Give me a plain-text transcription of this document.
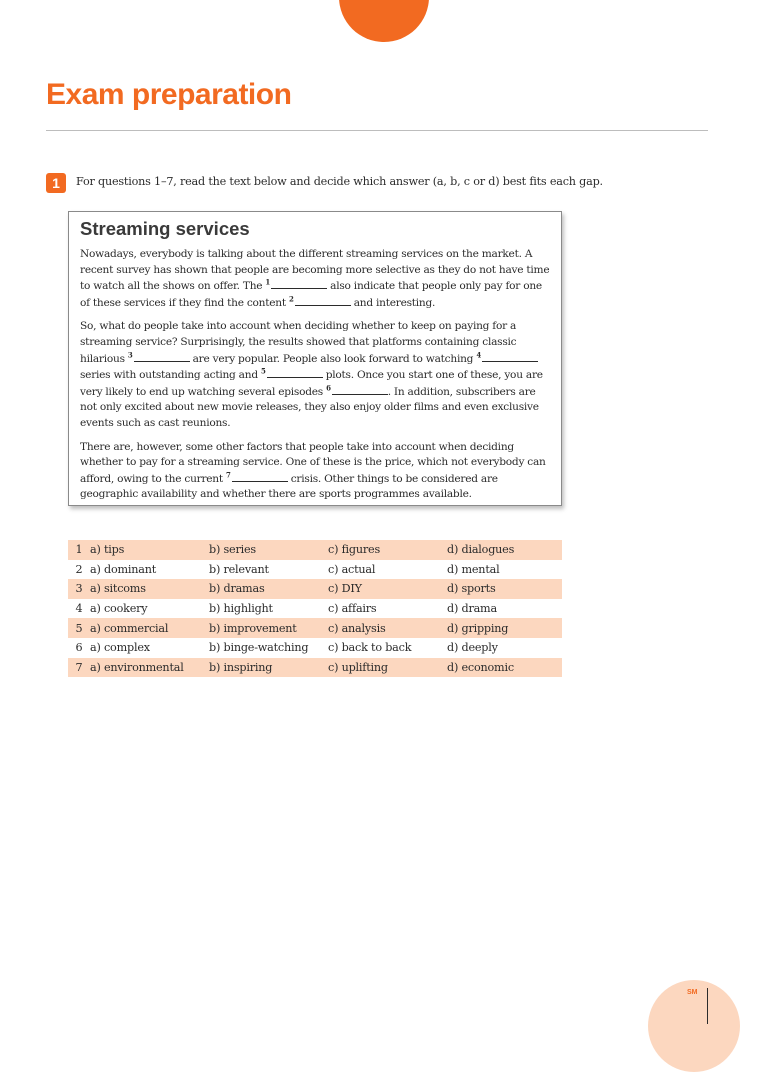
Exam preparation
1	For questions 1–7, read the text below and decide which answer (a, b, c or d) best fits each gap.
Streaming services

Nowadays, everybody is talking about the different streaming services on the market. A recent survey has shown that people are becoming more selective as they do not have time to watch all the shows on offer. The $^1$	also indicate that people only pay for one of these services if they find the content $^2$	and interesting.

So, what do people take into account when deciding whether to keep on paying for a streaming service? Surprisingly, the results showed that platforms containing classic hilarious $^3$	are very popular. People also look forward to watching $^4$ series with outstanding acting and $^5$	plots. Once you start one of these, you are very likely to end up watching several episodes $^6$	. In addition, subscribers are not only excited about new movie releases, they also enjoy older films and even exclusive events such as cast reunions.

There are, however, some other factors that people take into account when deciding whether to pay for a streaming service. One of these is the price, which not everybody can afford, owing to the current $^7$	crisis. Other things to be considered are geographic availability and whether there are sports programmes available.

1	a) tips	b) series	c) figures	d) dialogues
2	a) dominant	b) relevant	c) actual	d) mental
3	a) sitcoms	b) dramas	c) DIY	d) sports
4	a) cookery	b) highlight	c) affairs	d) drama
5	a) commercial	b) improvement	c) analysis	d) gripping
6	a) complex	b) binge-watching	c) back to back	d) deeply
7	a) environmental	b) inspiring	c) uplifting	d) economic
SM
